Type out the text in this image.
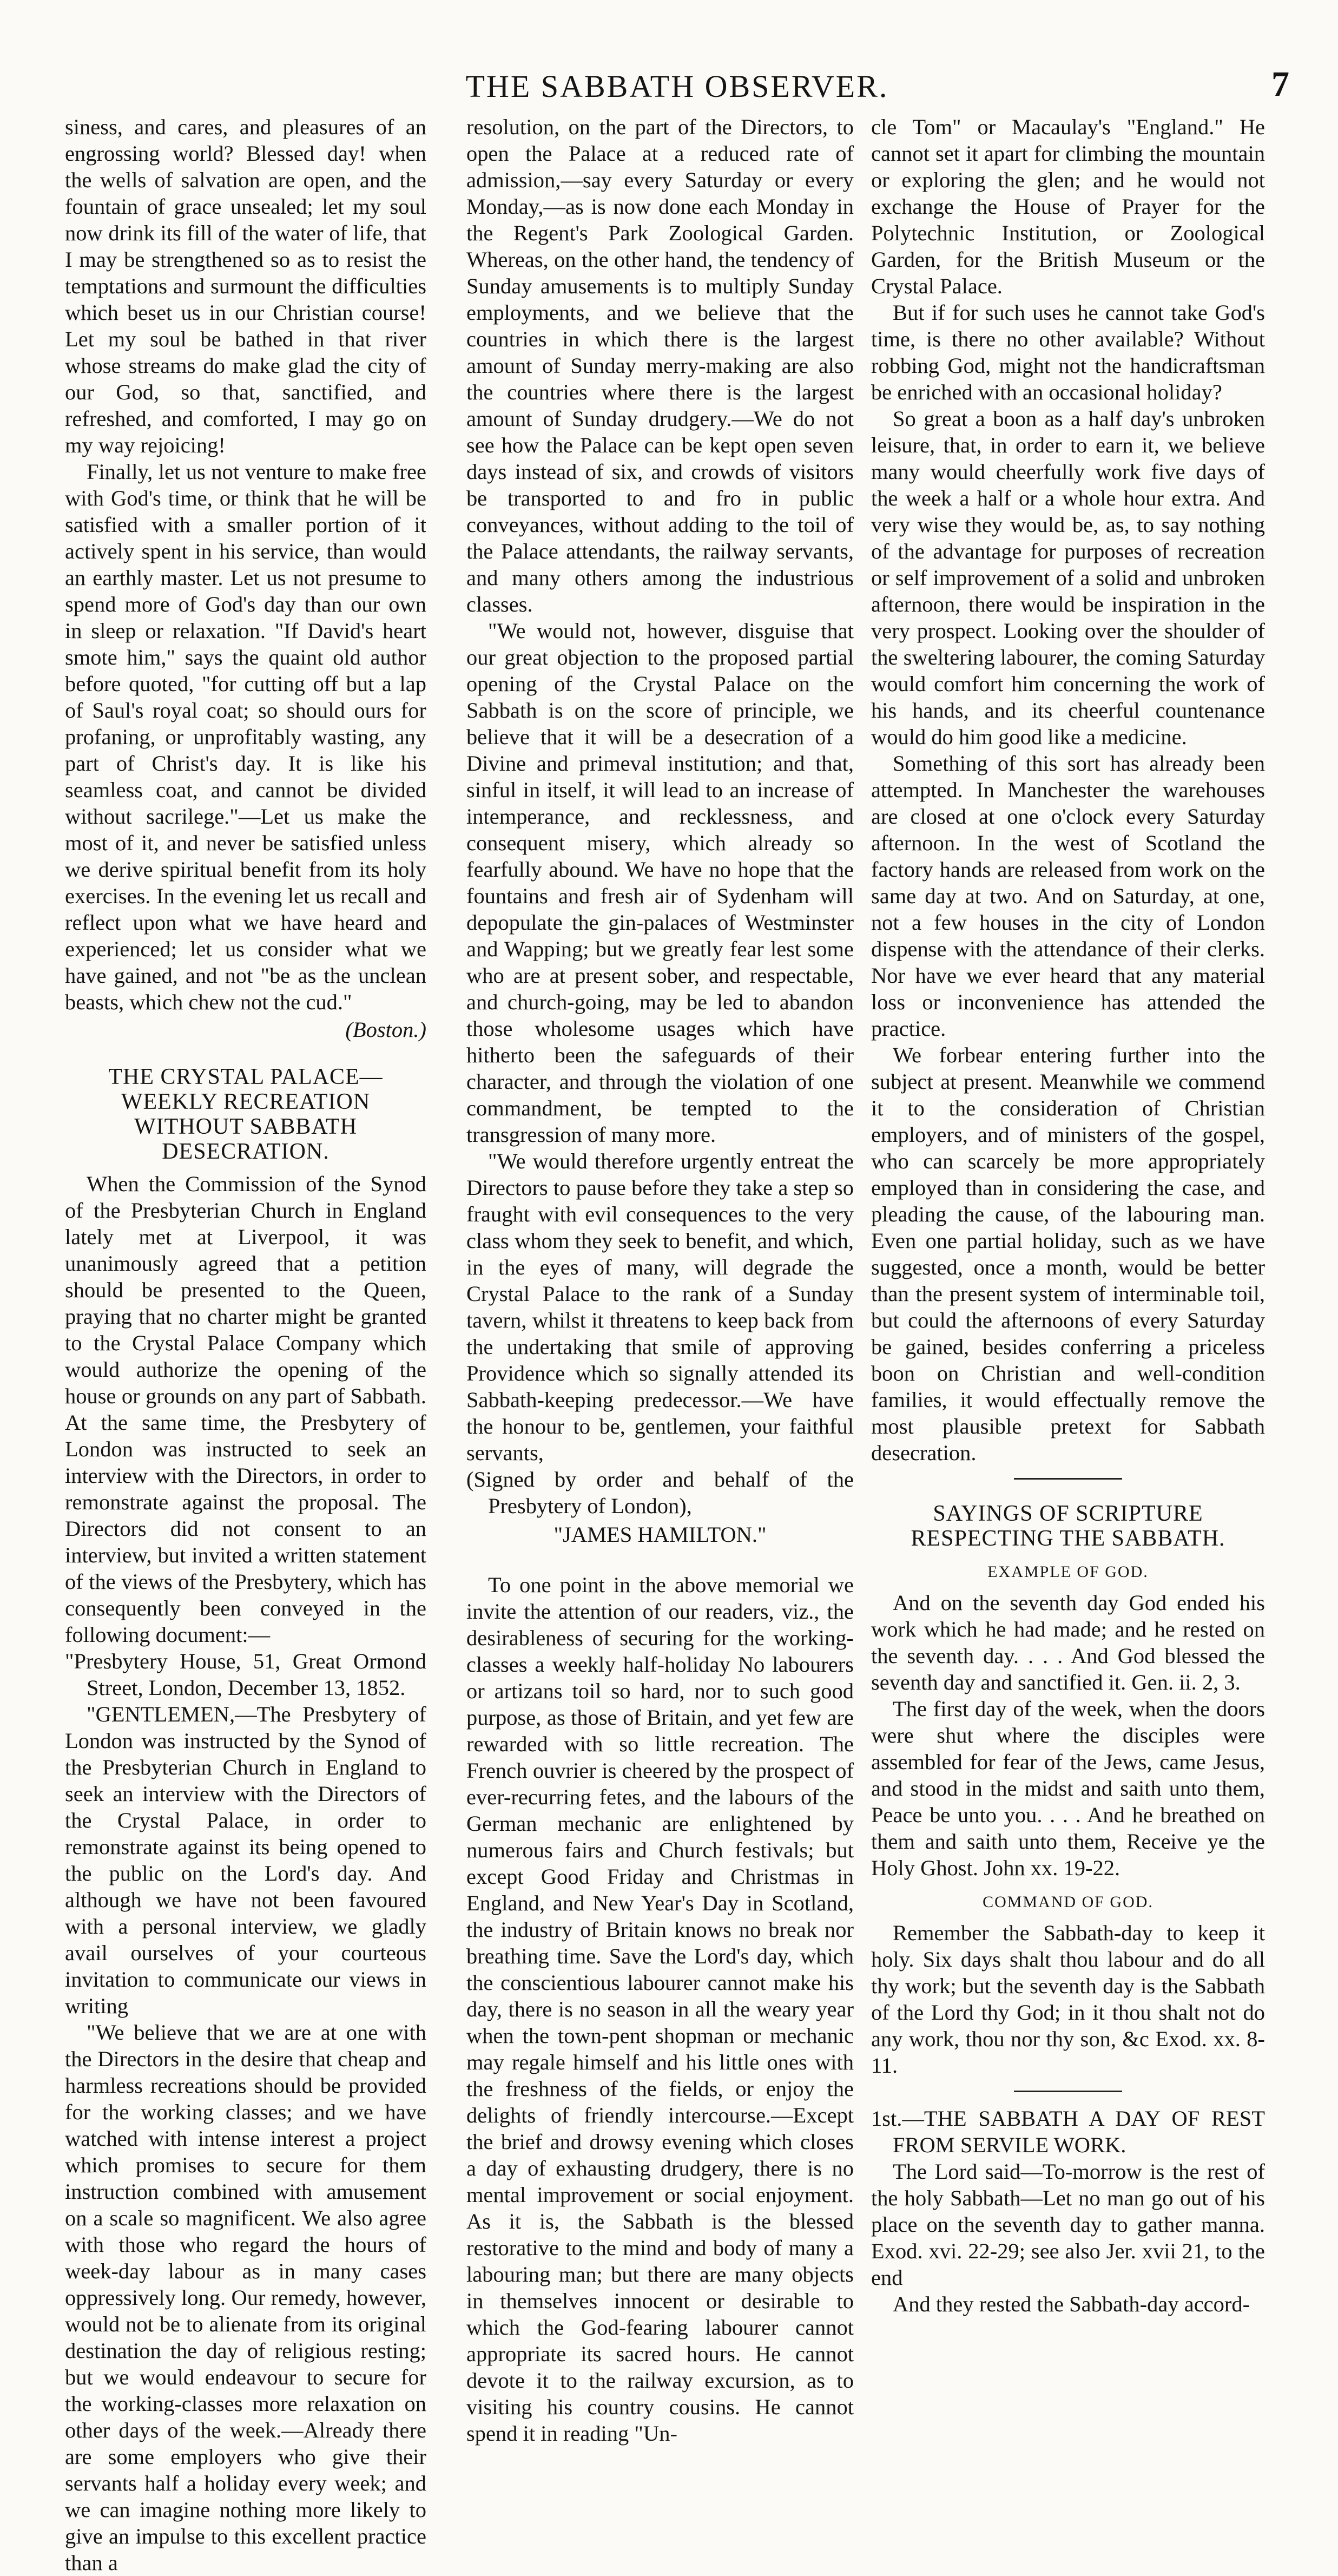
THE SABBATH OBSERVER.	7

siness, and cares, and pleasures of an engrossing world? Blessed day! when the wells of salvation are open, and the fountain of grace unsealed; let my soul now drink its fill of the water of life, that I may be strengthened so as to resist the temptations and surmount the difficulties which beset us in our Christian course! Let my soul be bathed in that river whose streams do make glad the city of our God, so that, sanctified, and refreshed, and comforted, I may go on my way rejoicing!

Finally, let us not venture to make free with God's time, or think that he will be satisfied with a smaller portion of it actively spent in his service, than would an earthly master. Let us not presume to spend more of God's day than our own in sleep or relaxation. "If David's heart smote him," says the quaint old author before quoted, "for cutting off but a lap of Saul's royal coat; so should ours for profaning, or unprofitably wasting, any part of Christ's day. It is like his seamless coat, and cannot be divided without sacrilege."—Let us make the most of it, and never be satisfied unless we derive spiritual benefit from its holy exercises. In the evening let us recall and reflect upon what we have heard and experienced; let us consider what we have gained, and not "be as the unclean beasts, which chew not the cud."

(Boston.)

THE CRYSTAL PALACE—WEEKLY RECREATION WITHOUT SABBATH DESECRATION.

When the Commission of the Synod of the Presbyterian Church in England lately met at Liverpool, it was unanimously agreed that a petition should be presented to the Queen, praying that no charter might be granted to the Crystal Palace Company which would authorize the opening of the house or grounds on any part of Sabbath. At the same time, the Presbytery of London was instructed to seek an interview with the Directors, in order to remonstrate against the proposal. The Directors did not consent to an interview, but invited a written statement of the views of the Presbytery, which has consequently been conveyed in the following document:—

"Presbytery House, 51, Great Ormond Street, London, December 13, 1852.

"GENTLEMEN,—The Presbytery of London was instructed by the Synod of the Presbyterian Church in England to seek an interview with the Directors of the Crystal Palace, in order to remonstrate against its being opened to the public on the Lord's day. And although we have not been favoured with a personal interview, we gladly avail ourselves of your courteous invitation to communicate our views in writing

"We believe that we are at one with the Directors in the desire that cheap and harmless recreations should be provided for the working classes; and we have watched with intense interest a project which promises to secure for them instruction combined with amusement on a scale so magnificent. We also agree with those who regard the hours of week-day labour as in many cases oppressively long. Our remedy, however, would not be to alienate from its original destination the day of religious resting; but we would endeavour to secure for the working-classes more relaxation on other days of the week.—Already there are some employers who give their servants half a holiday every week; and we can imagine nothing more likely to give an impulse to this excellent practice than a

resolution, on the part of the Directors, to open the Palace at a reduced rate of admission,—say every Saturday or every Monday,—as is now done each Monday in the Regent's Park Zoological Garden. Whereas, on the other hand, the tendency of Sunday amusements is to multiply Sunday employments, and we believe that the countries in which there is the largest amount of Sunday merry-making are also the countries where there is the largest amount of Sunday drudgery.—We do not see how the Palace can be kept open seven days instead of six, and crowds of visitors be transported to and fro in public conveyances, without adding to the toil of the Palace attendants, the railway servants, and many others among the industrious classes.

"We would not, however, disguise that our great objection to the proposed partial opening of the Crystal Palace on the Sabbath is on the score of principle, we believe that it will be a desecration of a Divine and primeval institution; and that, sinful in itself, it will lead to an increase of intemperance, and recklessness, and consequent misery, which already so fearfully abound. We have no hope that the fountains and fresh air of Sydenham will depopulate the gin-palaces of Westminster and Wapping; but we greatly fear lest some who are at present sober, and respectable, and church-going, may be led to abandon those wholesome usages which have hitherto been the safeguards of their character, and through the violation of one commandment, be tempted to the transgression of many more.

"We would therefore urgently entreat the Directors to pause before they take a step so fraught with evil consequences to the very class whom they seek to benefit, and which, in the eyes of many, will degrade the Crystal Palace to the rank of a Sunday tavern, whilst it threatens to keep back from the undertaking that smile of approving Providence which so signally attended its Sabbath-keeping predecessor.—We have the honour to be, gentlemen, your faithful servants,

(Signed by order and behalf of the Presbytery of London),

"JAMES HAMILTON."

To one point in the above memorial we invite the attention of our readers, viz., the desirableness of securing for the working-classes a weekly half-holiday No labourers or artizans toil so hard, nor to such good purpose, as those of Britain, and yet few are rewarded with so little recreation. The French ouvrier is cheered by the prospect of ever-recurring fetes, and the labours of the German mechanic are enlightened by numerous fairs and Church festivals; but except Good Friday and Christmas in England, and New Year's Day in Scotland, the industry of Britain knows no break nor breathing time. Save the Lord's day, which the conscientious labourer cannot make his day, there is no season in all the weary year when the town-pent shopman or mechanic may regale himself and his little ones with the freshness of the fields, or enjoy the delights of friendly intercourse.—Except the brief and drowsy evening which closes a day of exhausting drudgery, there is no mental improvement or social enjoyment. As it is, the Sabbath is the blessed restorative to the mind and body of many a labouring man; but there are many objects in themselves innocent or desirable to which the God-fearing labourer cannot appropriate its sacred hours. He cannot devote it to the railway excursion, as to visiting his country cousins. He cannot spend it in reading "Un-

cle Tom" or Macaulay's "England." He cannot set it apart for climbing the mountain or exploring the glen; and he would not exchange the House of Prayer for the Polytechnic Institution, or Zoological Garden, for the British Museum or the Crystal Palace.

But if for such uses he cannot take God's time, is there no other available? Without robbing God, might not the handicraftsman be enriched with an occasional holiday?

So great a boon as a half day's unbroken leisure, that, in order to earn it, we believe many would cheerfully work five days of the week a half or a whole hour extra. And very wise they would be, as, to say nothing of the advantage for purposes of recreation or self improvement of a solid and unbroken afternoon, there would be inspiration in the very prospect. Looking over the shoulder of the sweltering labourer, the coming Saturday would comfort him concerning the work of his hands, and its cheerful countenance would do him good like a medicine.

Something of this sort has already been attempted. In Manchester the warehouses are closed at one o'clock every Saturday afternoon. In the west of Scotland the factory hands are released from work on the same day at two. And on Saturday, at one, not a few houses in the city of London dispense with the attendance of their clerks. Nor have we ever heard that any material loss or inconvenience has attended the practice.

We forbear entering further into the subject at present. Meanwhile we commend it to the consideration of Christian employers, and of ministers of the gospel, who can scarcely be more appropriately employed than in considering the case, and pleading the cause, of the labouring man. Even one partial holiday, such as we have suggested, once a month, would be better than the present system of interminable toil, but could the afternoons of every Saturday be gained, besides conferring a priceless boon on Christian and well-condition families, it would effectually remove the most plausible pretext for Sabbath desecration.

SAYINGS OF SCRIPTURE RESPECTING THE SABBATH.
EXAMPLE OF GOD.

And on the seventh day God ended his work which he had made; and he rested on the seventh day. . . . And God blessed the seventh day and sanctified it. Gen. ii. 2, 3.

The first day of the week, when the doors were shut where the disciples were assembled for fear of the Jews, came Jesus, and stood in the midst and saith unto them, Peace be unto you. . . . And he breathed on them and saith unto them, Receive ye the Holy Ghost. John xx. 19-22.

COMMAND OF GOD.

Remember the Sabbath-day to keep it holy. Six days shalt thou labour and do all thy work; but the seventh day is the Sabbath of the Lord thy God; in it thou shalt not do any work, thou nor thy son, &c Exod. xx. 8-11.

1st.—THE SABBATH A DAY OF REST FROM SERVILE WORK.

The Lord said—To-morrow is the rest of the holy Sabbath—Let no man go out of his place on the seventh day to gather manna. Exod. xvi. 22-29; see also Jer. xvii 21, to the end

And they rested the Sabbath-day accord-
